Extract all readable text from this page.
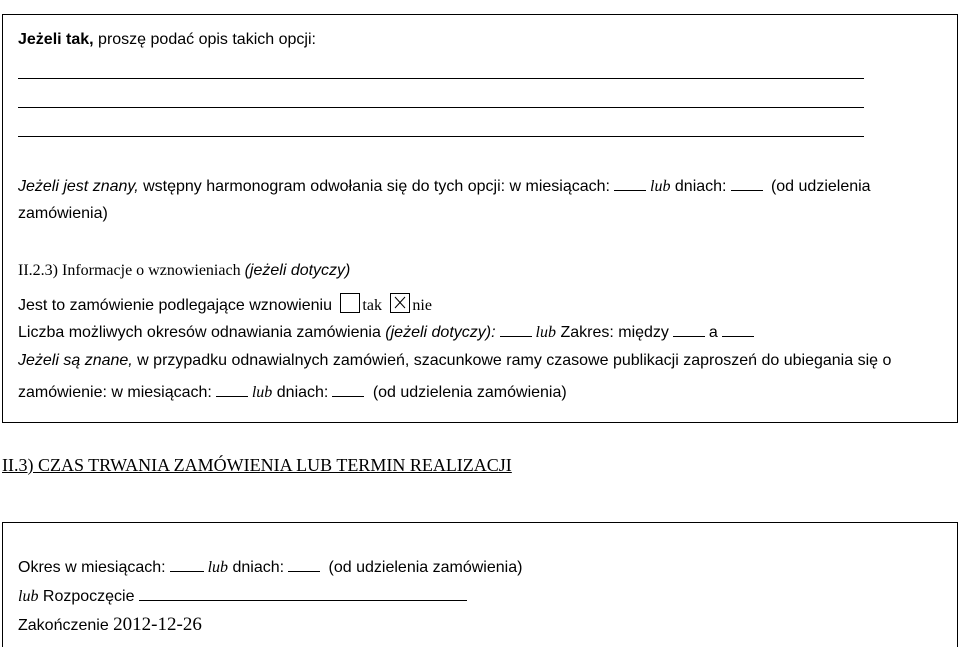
Jeżeli tak, proszę podać opis takich opcji:
Jeżeli jest znany, wstępny harmonogram odwołania się do tych opcji: w miesiącach:	lub dniach:	(od udzielenia
zamówienia)
II.2.3) Informacje o wznowieniach (jeżeli dotyczy)
Jest to zamówienie podlegające wznowieniu tak nie
Liczba możliwych okresów odnawiania zamówienia (jeżeli dotyczy):	lub Zakres: między	a
Jeżeli są znane, w przypadku odnawialnych zamówień, szacunkowe ramy czasowe publikacji zaproszeń do ubiegania się o
zamówienie: w miesiącach:	lub dniach:	(od udzielenia zamówienia)
II.3) CZAS TRWANIA ZAMÓWIENIA LUB TERMIN REALIZACJI
Okres w miesiącach:	lub dniach:	(od udzielenia zamówienia)
lub Rozpoczęcie
Zakończenie 2012-12-26
